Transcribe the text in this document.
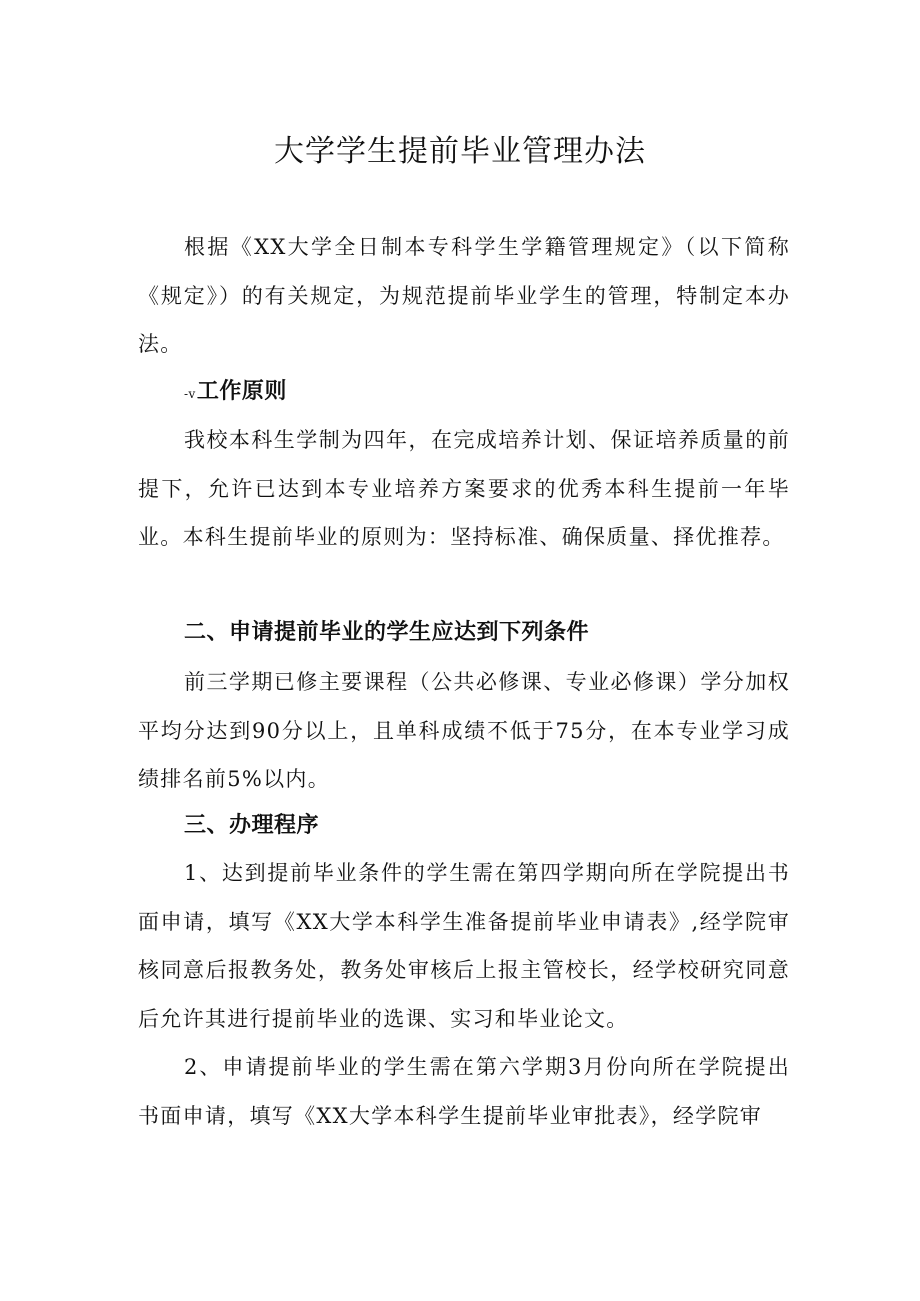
大学学生提前毕业管理办法

根据《XX大学全日制本专科学生学籍管理规定》（以下简称《规定》）的有关规定，为规范提前毕业学生的管理，特制定本办法。

-v工作原则

我校本科生学制为四年，在完成培养计划、保证培养质量的前提下，允许已达到本专业培养方案要求的优秀本科生提前一年毕业。本科生提前毕业的原则为：坚持标准、确保质量、择优推荐。

二、申请提前毕业的学生应达到下列条件

前三学期已修主要课程（公共必修课、专业必修课）学分加权平均分达到90分以上，且单科成绩不低于75分，在本专业学习成绩排名前5%以内。

三、办理程序

1、达到提前毕业条件的学生需在第四学期向所在学院提出书面申请，填写《XX大学本科学生准备提前毕业申请表》,经学院审核同意后报教务处，教务处审核后上报主管校长，经学校研究同意后允许其进行提前毕业的选课、实习和毕业论文。

2、申请提前毕业的学生需在第六学期3月份向所在学院提出书面申请，填写《XX大学本科学生提前毕业审批表》，经学院审
